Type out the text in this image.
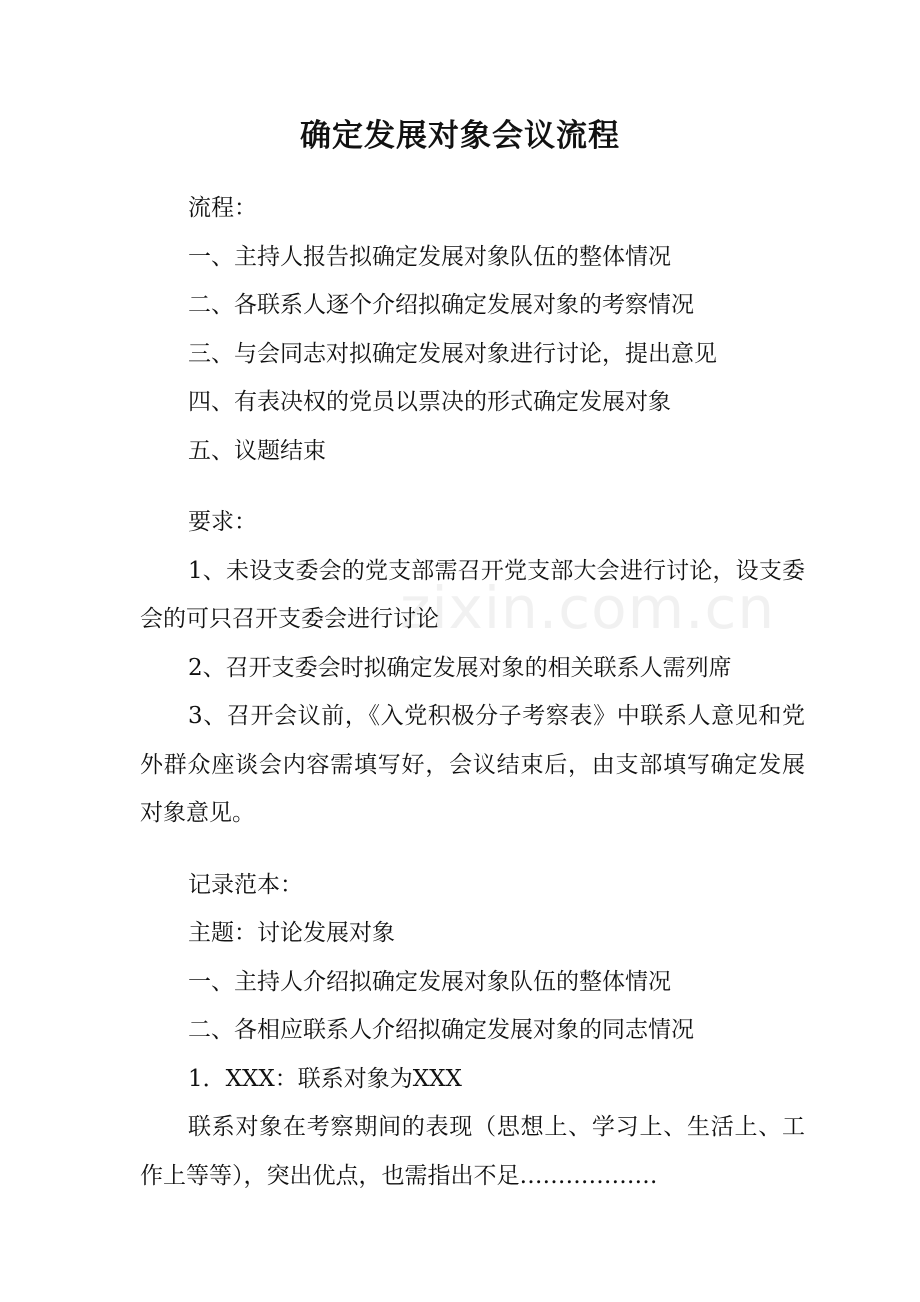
确定发展对象会议流程
zixin.com.cn

流程：

一、主持人报告拟确定发展对象队伍的整体情况

二、各联系人逐个介绍拟确定发展对象的考察情况

三、与会同志对拟确定发展对象进行讨论，提出意见

四、有表决权的党员以票决的形式确定发展对象

五、议题结束

要求：

1、未设支委会的党支部需召开党支部大会进行讨论，设支委会的可只召开支委会进行讨论

2、召开支委会时拟确定发展对象的相关联系人需列席

3、召开会议前，《入党积极分子考察表》中联系人意见和党外群众座谈会内容需填写好，会议结束后，由支部填写确定发展对象意见。

记录范本：

主题：讨论发展对象

一、主持人介绍拟确定发展对象队伍的整体情况

二、各相应联系人介绍拟确定发展对象的同志情况

1．XXX：联系对象为XXX

联系对象在考察期间的表现（思想上、学习上、生活上、工作上等等），突出优点，也需指出不足………………
